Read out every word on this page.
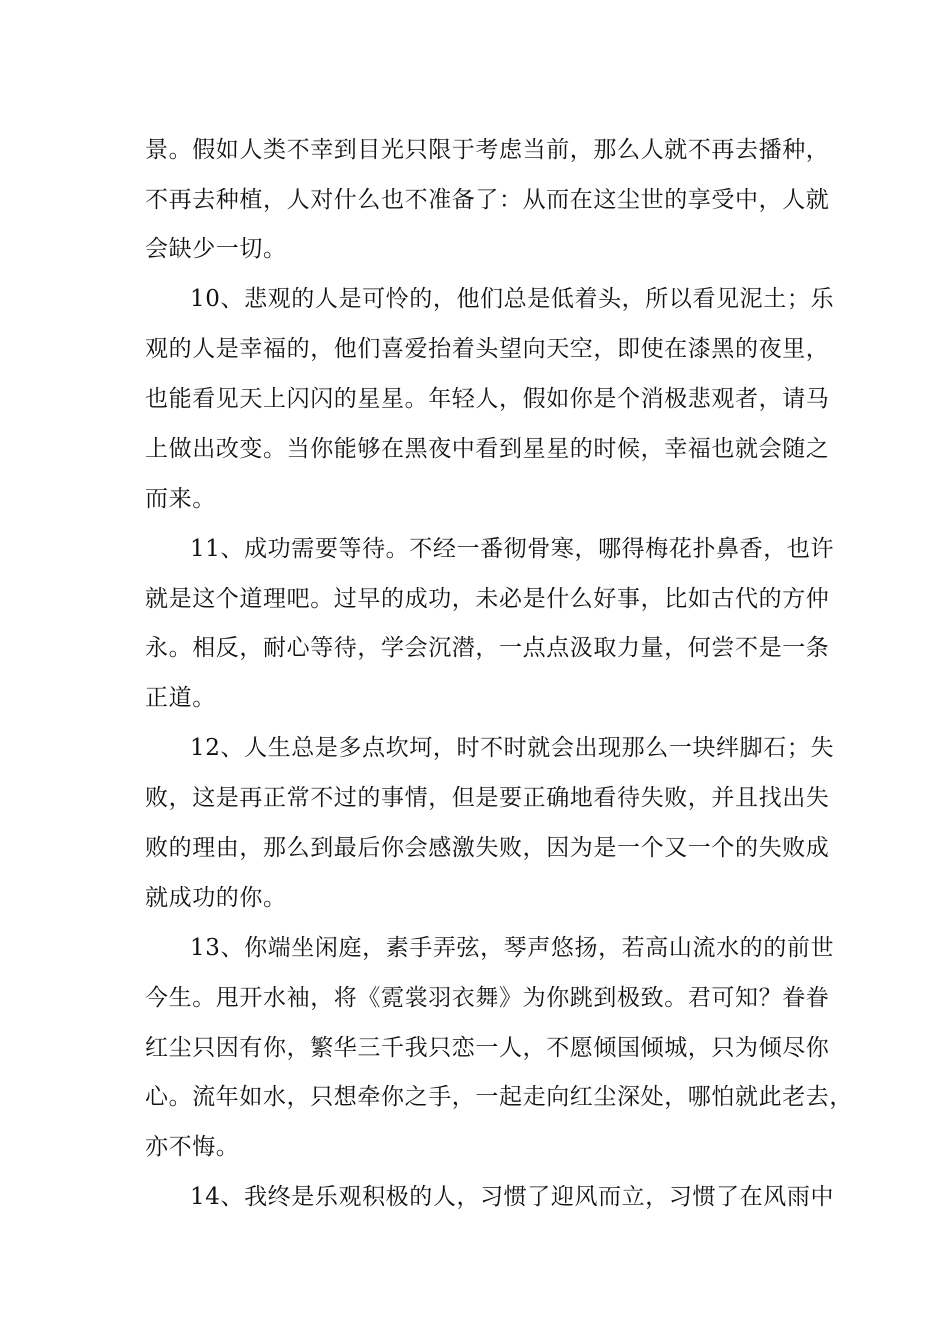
景。假如人类不幸到目光只限于考虑当前，那么人就不再去播种，
不再去种植，人对什么也不准备了：从而在这尘世的享受中，人就
会缺少一切。
10、悲观的人是可怜的，他们总是低着头，所以看见泥土；乐
观的人是幸福的，他们喜爱抬着头望向天空，即使在漆黑的夜里，
也能看见天上闪闪的星星。年轻人，假如你是个消极悲观者，请马
上做出改变。当你能够在黑夜中看到星星的时候，幸福也就会随之
而来。
11、成功需要等待。不经一番彻骨寒，哪得梅花扑鼻香，也许
就是这个道理吧。过早的成功，未必是什么好事，比如古代的方仲
永。相反，耐心等待，学会沉潜，一点点汲取力量，何尝不是一条
正道。
12、人生总是多点坎坷，时不时就会出现那么一块绊脚石；失
败，这是再正常不过的事情，但是要正确地看待失败，并且找出失
败的理由，那么到最后你会感激失败，因为是一个又一个的失败成
就成功的你。
13、你端坐闲庭，素手弄弦，琴声悠扬，若高山流水的的前世
今生。甩开水袖，将《霓裳羽衣舞》为你跳到极致。君可知？眷眷
红尘只因有你，繁华三千我只恋一人，不愿倾国倾城，只为倾尽你
心。流年如水，只想牵你之手，一起走向红尘深处，哪怕就此老去，
亦不悔。
14、我终是乐观积极的人，习惯了迎风而立，习惯了在风雨中
